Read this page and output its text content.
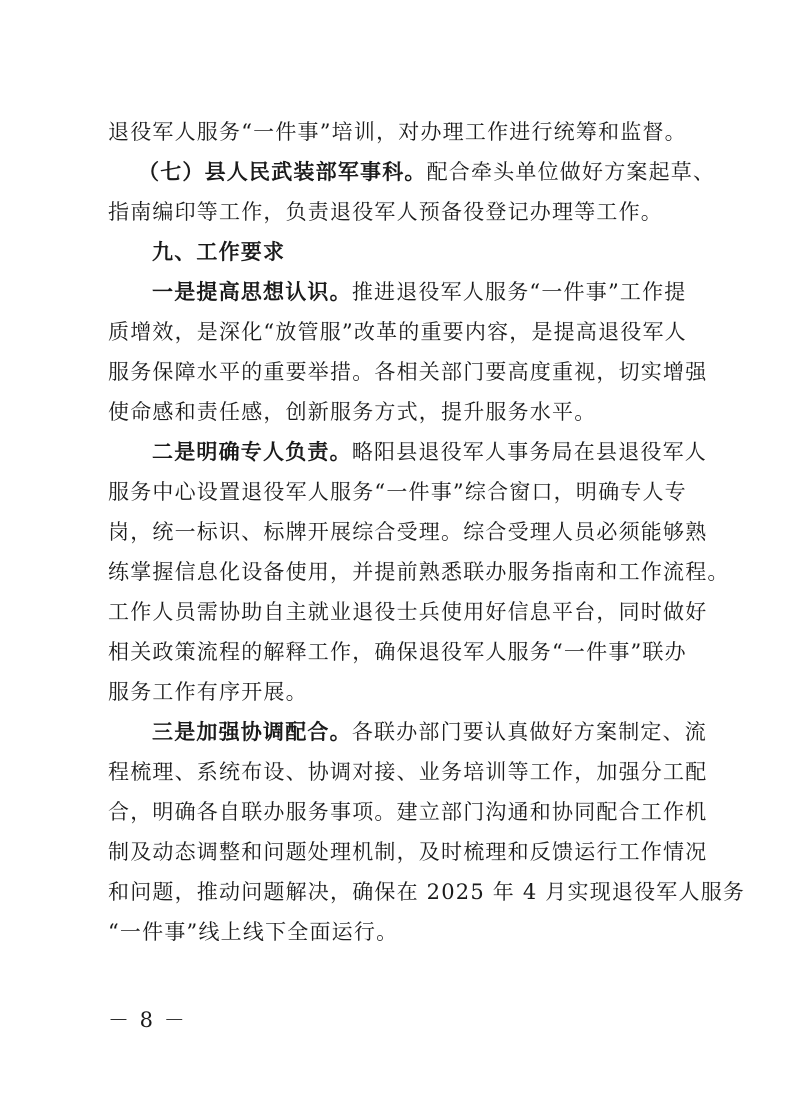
退役军人服务“一件事”培训，对办理工作进行统筹和监督。
（七）县人民武装部军事科。配合牵头单位做好方案起草、
指南编印等工作，负责退役军人预备役登记办理等工作。
九、工作要求
一是提高思想认识。推进退役军人服务“一件事”工作提
质增效，是深化“放管服”改革的重要内容，是提高退役军人
服务保障水平的重要举措。各相关部门要高度重视，切实增强
使命感和责任感，创新服务方式，提升服务水平。
二是明确专人负责。略阳县退役军人事务局在县退役军人
服务中心设置退役军人服务“一件事”综合窗口，明确专人专
岗，统一标识、标牌开展综合受理。综合受理人员必须能够熟
练掌握信息化设备使用，并提前熟悉联办服务指南和工作流程。
工作人员需协助自主就业退役士兵使用好信息平台，同时做好
相关政策流程的解释工作，确保退役军人服务“一件事”联办
服务工作有序开展。
三是加强协调配合。各联办部门要认真做好方案制定、流
程梳理、系统布设、协调对接、业务培训等工作，加强分工配
合，明确各自联办服务事项。建立部门沟通和协同配合工作机
制及动态调整和问题处理机制，及时梳理和反馈运行工作情况
和问题，推动问题解决，确保在 2025 年 4 月实现退役军人服务
“一件事”线上线下全面运行。
－ 8 －
